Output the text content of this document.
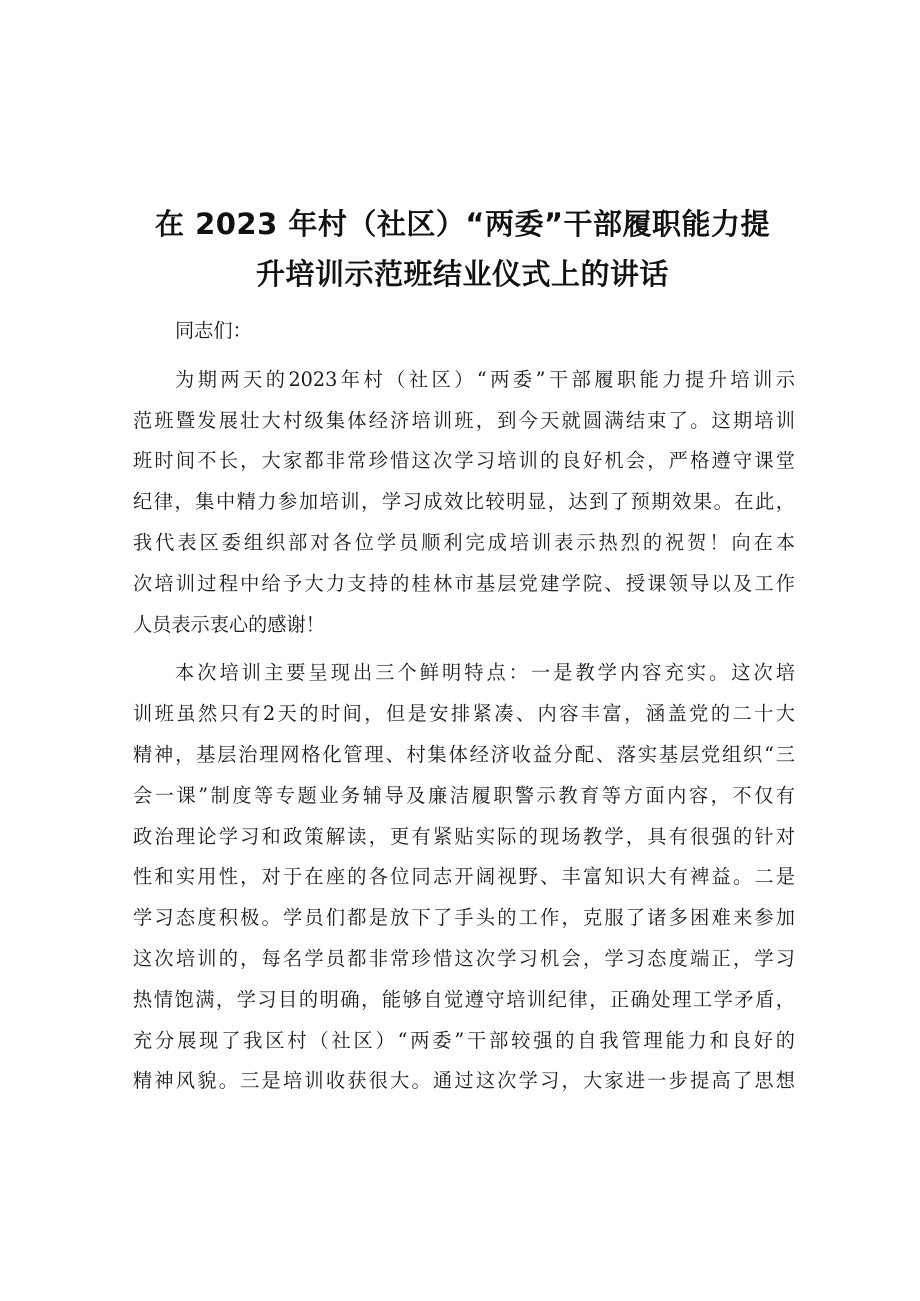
在 2023 年村（社区）“两委”干部履职能力提
升培训示范班结业仪式上的讲话
同志们：
为期两天的2023年村（社区）“两委”干部履职能力提升培训示
范班暨发展壮大村级集体经济培训班，到今天就圆满结束了。这期培训
班时间不长，大家都非常珍惜这次学习培训的良好机会，严格遵守课堂
纪律，集中精力参加培训，学习成效比较明显，达到了预期效果。在此，
我代表区委组织部对各位学员顺利完成培训表示热烈的祝贺！向在本
次培训过程中给予大力支持的桂林市基层党建学院、授课领导以及工作
人员表示衷心的感谢！
本次培训主要呈现出三个鲜明特点：一是教学内容充实。这次培
训班虽然只有2天的时间，但是安排紧凑、内容丰富，涵盖党的二十大
精神，基层治理网格化管理、村集体经济收益分配、落实基层党组织“三
会一课”制度等专题业务辅导及廉洁履职警示教育等方面内容，不仅有
政治理论学习和政策解读，更有紧贴实际的现场教学，具有很强的针对
性和实用性，对于在座的各位同志开阔视野、丰富知识大有裨益。二是
学习态度积极。学员们都是放下了手头的工作，克服了诸多困难来参加
这次培训的，每名学员都非常珍惜这次学习机会，学习态度端正，学习
热情饱满，学习目的明确，能够自觉遵守培训纪律，正确处理工学矛盾，
充分展现了我区村（社区）“两委”干部较强的自我管理能力和良好的
精神风貌。三是培训收获很大。通过这次学习，大家进一步提高了思想
